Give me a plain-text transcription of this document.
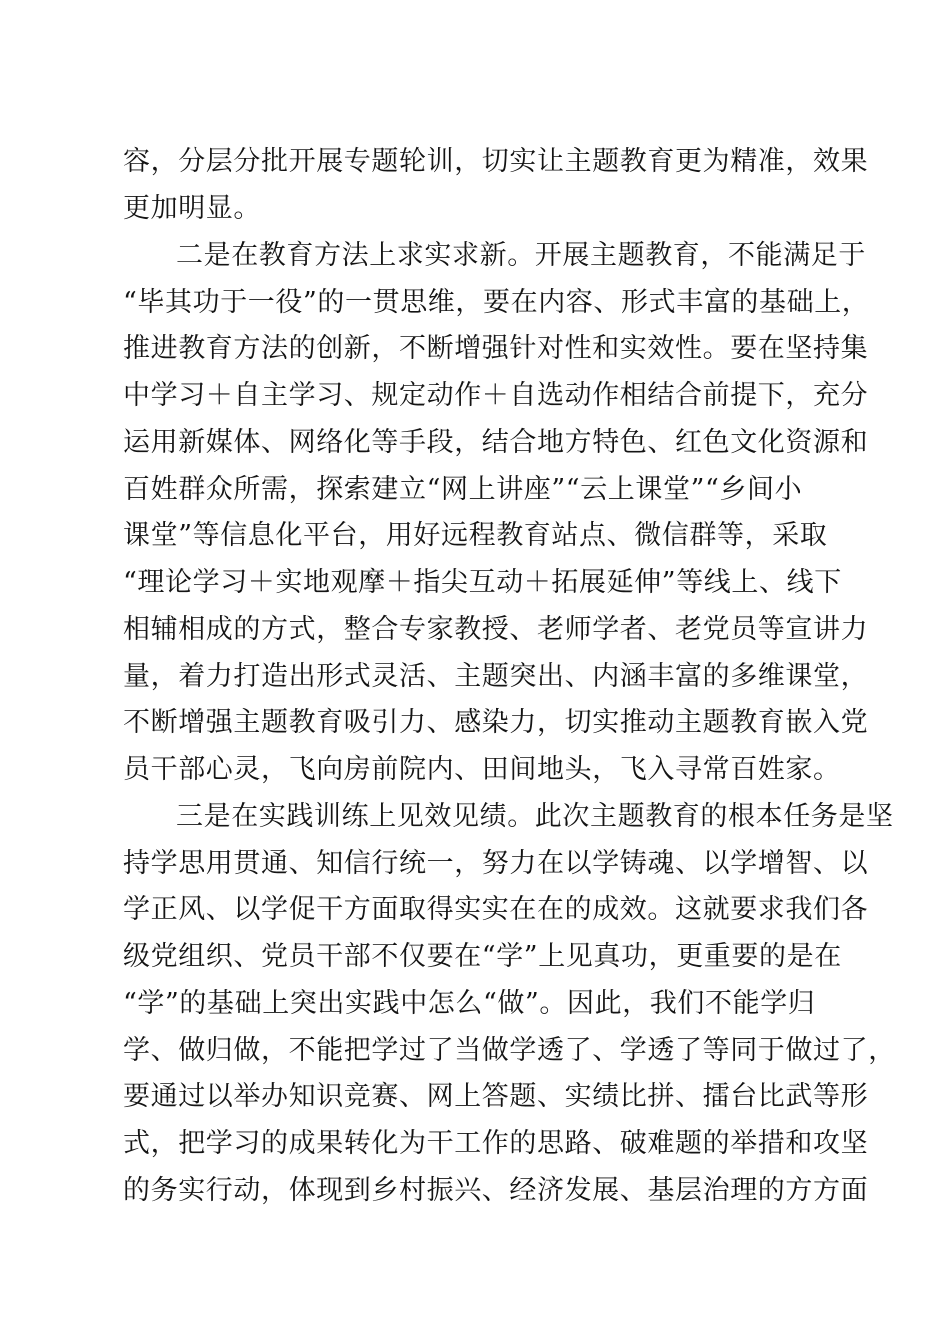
容，分层分批开展专题轮训，切实让主题教育更为精准，效果
更加明显。
二是在教育方法上求实求新。开展主题教育，不能满足于
“毕其功于一役”的一贯思维，要在内容、形式丰富的基础上，
推进教育方法的创新，不断增强针对性和实效性。要在坚持集
中学习＋自主学习、规定动作＋自选动作相结合前提下，充分
运用新媒体、网络化等手段，结合地方特色、红色文化资源和
百姓群众所需，探索建立“网上讲座”“云上课堂”“乡间小
课堂”等信息化平台，用好远程教育站点、微信群等，采取
“理论学习＋实地观摩＋指尖互动＋拓展延伸”等线上、线下
相辅相成的方式，整合专家教授、老师学者、老党员等宣讲力
量，着力打造出形式灵活、主题突出、内涵丰富的多维课堂，
不断增强主题教育吸引力、感染力，切实推动主题教育嵌入党
员干部心灵，飞向房前院内、田间地头，飞入寻常百姓家。
三是在实践训练上见效见绩。此次主题教育的根本任务是坚
持学思用贯通、知信行统一，努力在以学铸魂、以学增智、以
学正风、以学促干方面取得实实在在的成效。这就要求我们各
级党组织、党员干部不仅要在“学”上见真功，更重要的是在
“学”的基础上突出实践中怎么“做”。因此，我们不能学归
学、做归做，不能把学过了当做学透了、学透了等同于做过了，
要通过以举办知识竞赛、网上答题、实绩比拼、擂台比武等形
式，把学习的成果转化为干工作的思路、破难题的举措和攻坚
的务实行动，体现到乡村振兴、经济发展、基层治理的方方面
